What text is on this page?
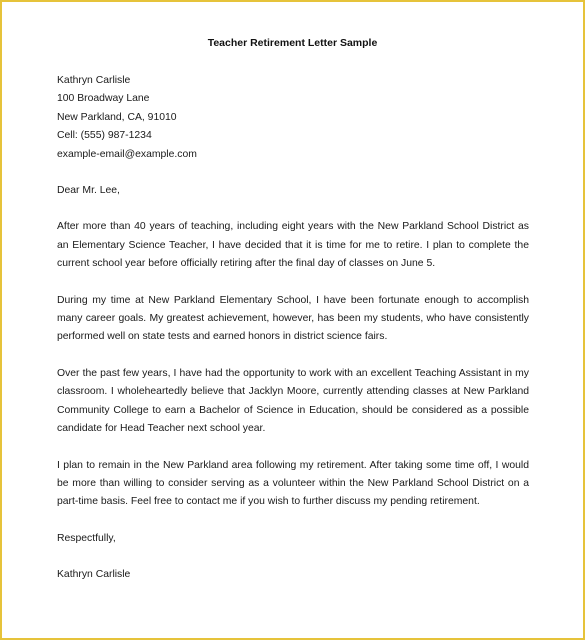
Teacher Retirement Letter Sample

Kathryn Carlisle

100 Broadway Lane

New Parkland, CA, 91010

Cell: (555) 987-1234

example-email@example.com

Dear Mr. Lee,

After more than 40 years of teaching, including eight years with the New Parkland School District as an Elementary Science Teacher, I have decided that it is time for me to retire. I plan to complete the current school year before officially retiring after the final day of classes on June 5.

During my time at New Parkland Elementary School, I have been fortunate enough to accomplish many career goals. My greatest achievement, however, has been my students, who have consistently performed well on state tests and earned honors in district science fairs.

Over the past few years, I have had the opportunity to work with an excellent Teaching Assistant in my classroom. I wholeheartedly believe that Jacklyn Moore, currently attending classes at New Parkland Community College to earn a Bachelor of Science in Education, should be considered as a possible candidate for Head Teacher next school year.

I plan to remain in the New Parkland area following my retirement. After taking some time off, I would be more than willing to consider serving as a volunteer within the New Parkland School District on a part-time basis. Feel free to contact me if you wish to further discuss my pending retirement.

Respectfully,

Kathryn Carlisle
